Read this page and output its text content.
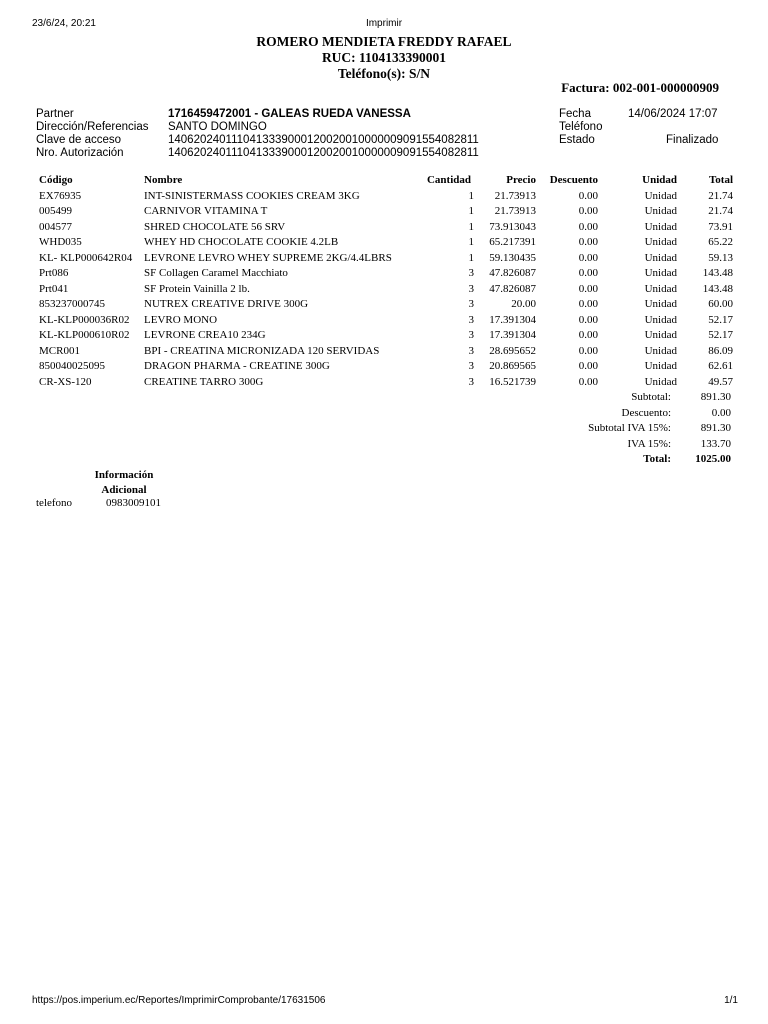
23/6/24, 20:21	Imprimir
ROMERO MENDIETA FREDDY RAFAEL
RUC: 1104133390001
Teléfono(s): S/N
Factura: 002-001-000000909
Partner	1716459472001 - GALEAS RUEDA VANESSA
Dirección/Referencias SANTO DOMINGO
Clave de acceso	1406202401110413339000120020010000009091554082811
Nro. Autorización	1406202401110413339000120020010000009091554082811
Fecha	14/06/2024 17:07
Teléfono
Estado	Finalizado
Código	Nombre	Cantidad	Precio	Descuento	Unidad	Total
EX76935	INT-SINISTERMASS COOKIES CREAM 3KG	1	21.73913	0.00	Unidad	21.74
005499	CARNIVOR VITAMINA T	1	21.73913	0.00	Unidad	21.74
004577	SHRED CHOCOLATE 56 SRV	1	73.913043	0.00	Unidad	73.91
WHD035	WHEY HD CHOCOLATE COOKIE 4.2LB	1	65.217391	0.00	Unidad	65.22
KL- KLP000642R04	LEVRONE LEVRO WHEY SUPREME 2KG/4.4LBRS	1	59.130435	0.00	Unidad	59.13
Prt086	SF Collagen Caramel Macchiato	3	47.826087	0.00	Unidad	143.48
Prt041	SF Protein Vainilla 2 lb.	3	47.826087	0.00	Unidad	143.48
853237000745	NUTREX CREATIVE DRIVE 300G	3	20.00	0.00	Unidad	60.00
KL-KLP000036R02	LEVRO MONO	3	17.391304	0.00	Unidad	52.17
KL-KLP000610R02	LEVRONE CREA10 234G	3	17.391304	0.00	Unidad	52.17
MCR001	BPI - CREATINA MICRONIZADA 120 SERVIDAS	3	28.695652	0.00	Unidad	86.09
850040025095	DRAGON PHARMA - CREATINE 300G	3	20.869565	0.00	Unidad	62.61
CR-XS-120	CREATINE TARRO 300G	3	16.521739	0.00	Unidad	49.57
Subtotal:	891.30
Descuento:	0.00
Subtotal IVA 15%:	891.30
IVA 15%:	133.70
Total: 1025.00
Información Adicional
telefono	0983009101
https://pos.imperium.ec/Reportes/ImprimirComprobante/17631506	1/1
